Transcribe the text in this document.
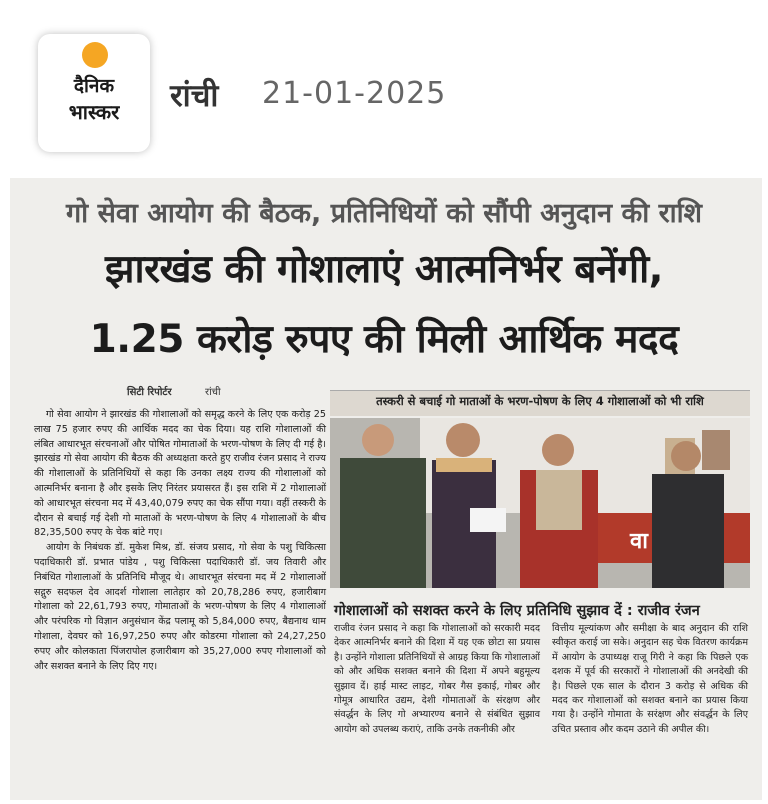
दैनिक
भास्कर	रांची 21-01-2025
गो सेवा आयोग की बैठक, प्रतिनिधियों को सौंपी अनुदान की राशि
झारखंड की गोशालाएं आत्मनिर्भर बनेंगी,
1.25 करोड़ रुपए की मिली आर्थिक मदद
सिटी रिपोर्टर	रांची

गो सेवा आयोग ने झारखंड की गोशालाओं को समृद्ध करने के लिए एक करोड़ 25 लाख 75 हजार रुपए की आर्थिक मदद का चेक दिया। यह राशि गोशालाओं की लंबित आधारभूत संरचनाओं और पोषित गोमाताओं के भरण-पोषण के लिए दी गई है। झारखंड गो सेवा आयोग की बैठक की अध्यक्षता करते हुए राजीव रंजन प्रसाद ने राज्य की गोशालाओं के प्रतिनिधियों से कहा कि उनका लक्ष्य राज्य की गोशालाओं को आत्मनिर्भर बनाना है और इसके लिए निरंतर प्रयासरत हैं। इस राशि में 2 गोशालाओं को आधारभूत संरचना मद में 43,40,079 रुपए का चेक सौंपा गया। वहीं तस्करी के दौरान से बचाई गई देशी गो माताओं के भरण-पोषण के लिए 4 गोशालाओं के बीच 82,35,500 रुपए के चेक बांटे गए।

आयोग के निबंधक डॉ. मुकेश मिश्र, डॉ. संजय प्रसाद, गो सेवा के पशु चिकित्सा पदाधिकारी डॉ. प्रभात पांडेय , पशु चिकित्सा पदाधिकारी डॉ. जय तिवारी और निबंधित गोशालाओं के प्रतिनिधि मौजूद थे। आधारभूत संरचना मद में 2 गोशालाओं सद्गुरु सदफल देव आदर्श गोशाला लातेहार को 20,78,286 रुपए, हजारीबाग गोशाला को 22,61,793 रुपए, गोमाताओं के भरण-पोषण के लिए 4 गोशालाओं और परंपरिक गो विज्ञान अनुसंधान केंद्र पलामू को 5,84,000 रुपए, बैद्यनाथ धाम गोशाला, देवघर को 16,97,250 रुपए और कोडरमा गोशाला को 24,27,250 रुपए और कोलकाता पिंजरापोल हजारीबाग को 35,27,000 रुपए गोशालाओं को और सशक्त बनाने के लिए दिए गए।

तस्करी से बचाई गो माताओं के भरण-पोषण के लिए 4 गोशालाओं को भी राशि
वा
गोशालाओं को सशक्त करने के लिए प्रतिनिधि सुझाव दें : राजीव रंजन
राजीव रंजन प्रसाद ने कहा कि गोशालाओं को सरकारी मदद देकर आत्मनिर्भर बनाने की दिशा में यह एक छोटा सा प्रयास है। उन्होंने गोशाला प्रतिनिधियों से आग्रह किया कि गोशालाओं को और अधिक सशक्त बनाने की दिशा में अपने बहुमूल्य सुझाव दें। हाई मास्ट लाइट, गोबर गैस इकाई, गोबर और गोमूत्र आधारित उद्यम, देशी गोमाताओं के संरक्षण और संवर्द्धन के लिए गो अभ्यारण्य बनाने से संबंधित सुझाव आयोग को उपलब्ध कराएं, ताकि उनके तकनीकी और
वित्तीय मूल्यांकण और समीक्षा के बाद अनुदान की राशि स्वीकृत कराई जा सके। अनुदान सह चेक वितरण कार्यक्रम में आयोग के उपाध्यक्ष राजू गिरी ने कहा कि पिछले एक दशक में पूर्व की सरकारों ने गोशालाओं की अनदेखी की है। पिछले एक साल के दौरान 3 करोड़ से अधिक की मदद कर गोशालाओं को सशक्त बनाने का प्रयास किया गया है। उन्होंने गोमाता के सरंक्षण और संवर्द्धन के लिए उचित प्रस्ताव और कदम उठाने की अपील की।
